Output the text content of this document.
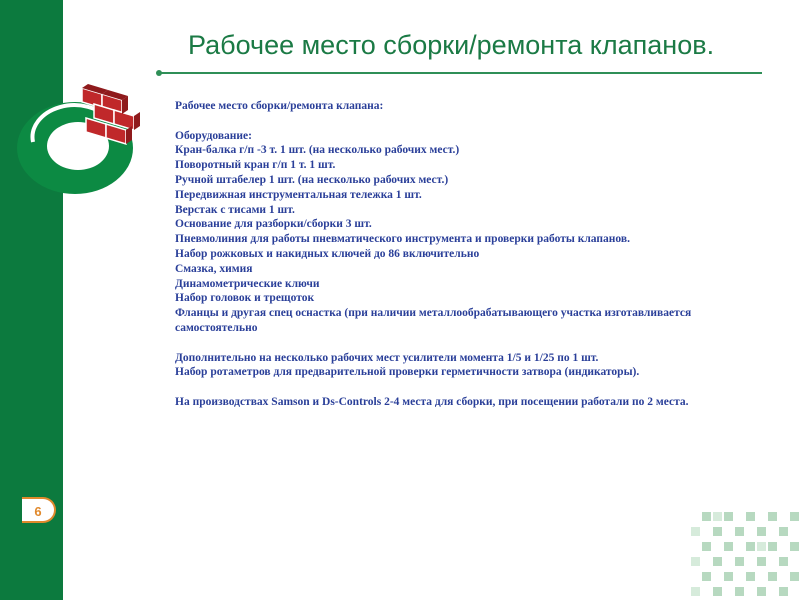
Рабочее место сборки/ремонта клапанов.
Рабочее место сборки/ремонта клапана:
Оборудование:
Кран-балка г/п -3 т. 1 шт. (на несколько рабочих мест.)
Поворотный кран г/п 1 т. 1 шт.
Ручной штабелер 1 шт. (на несколько рабочих мест.)
Передвижная инструментальная тележка 1 шт.
Верстак с тисами 1 шт.
Основание для разборки/сборки 3 шт.
Пневмолиния для работы пневматического инструмента и проверки работы клапанов.
Набор рожковых и накидных ключей до 86 включительно
Смазка, химия
Динамометрические ключи
Набор головок и трещоток
Фланцы и другая спец оснастка (при наличии металлообрабатывающего участка изготавливается самостоятельно
Дополнительно на несколько рабочих мест усилители момента 1/5 и 1/25 по 1 шт.
Набор ротаметров для предварительной проверки герметичности затвора (индикаторы).
На производствах Samson и Ds-Controls 2-4 места для сборки, при посещении работали по 2 места.
6
